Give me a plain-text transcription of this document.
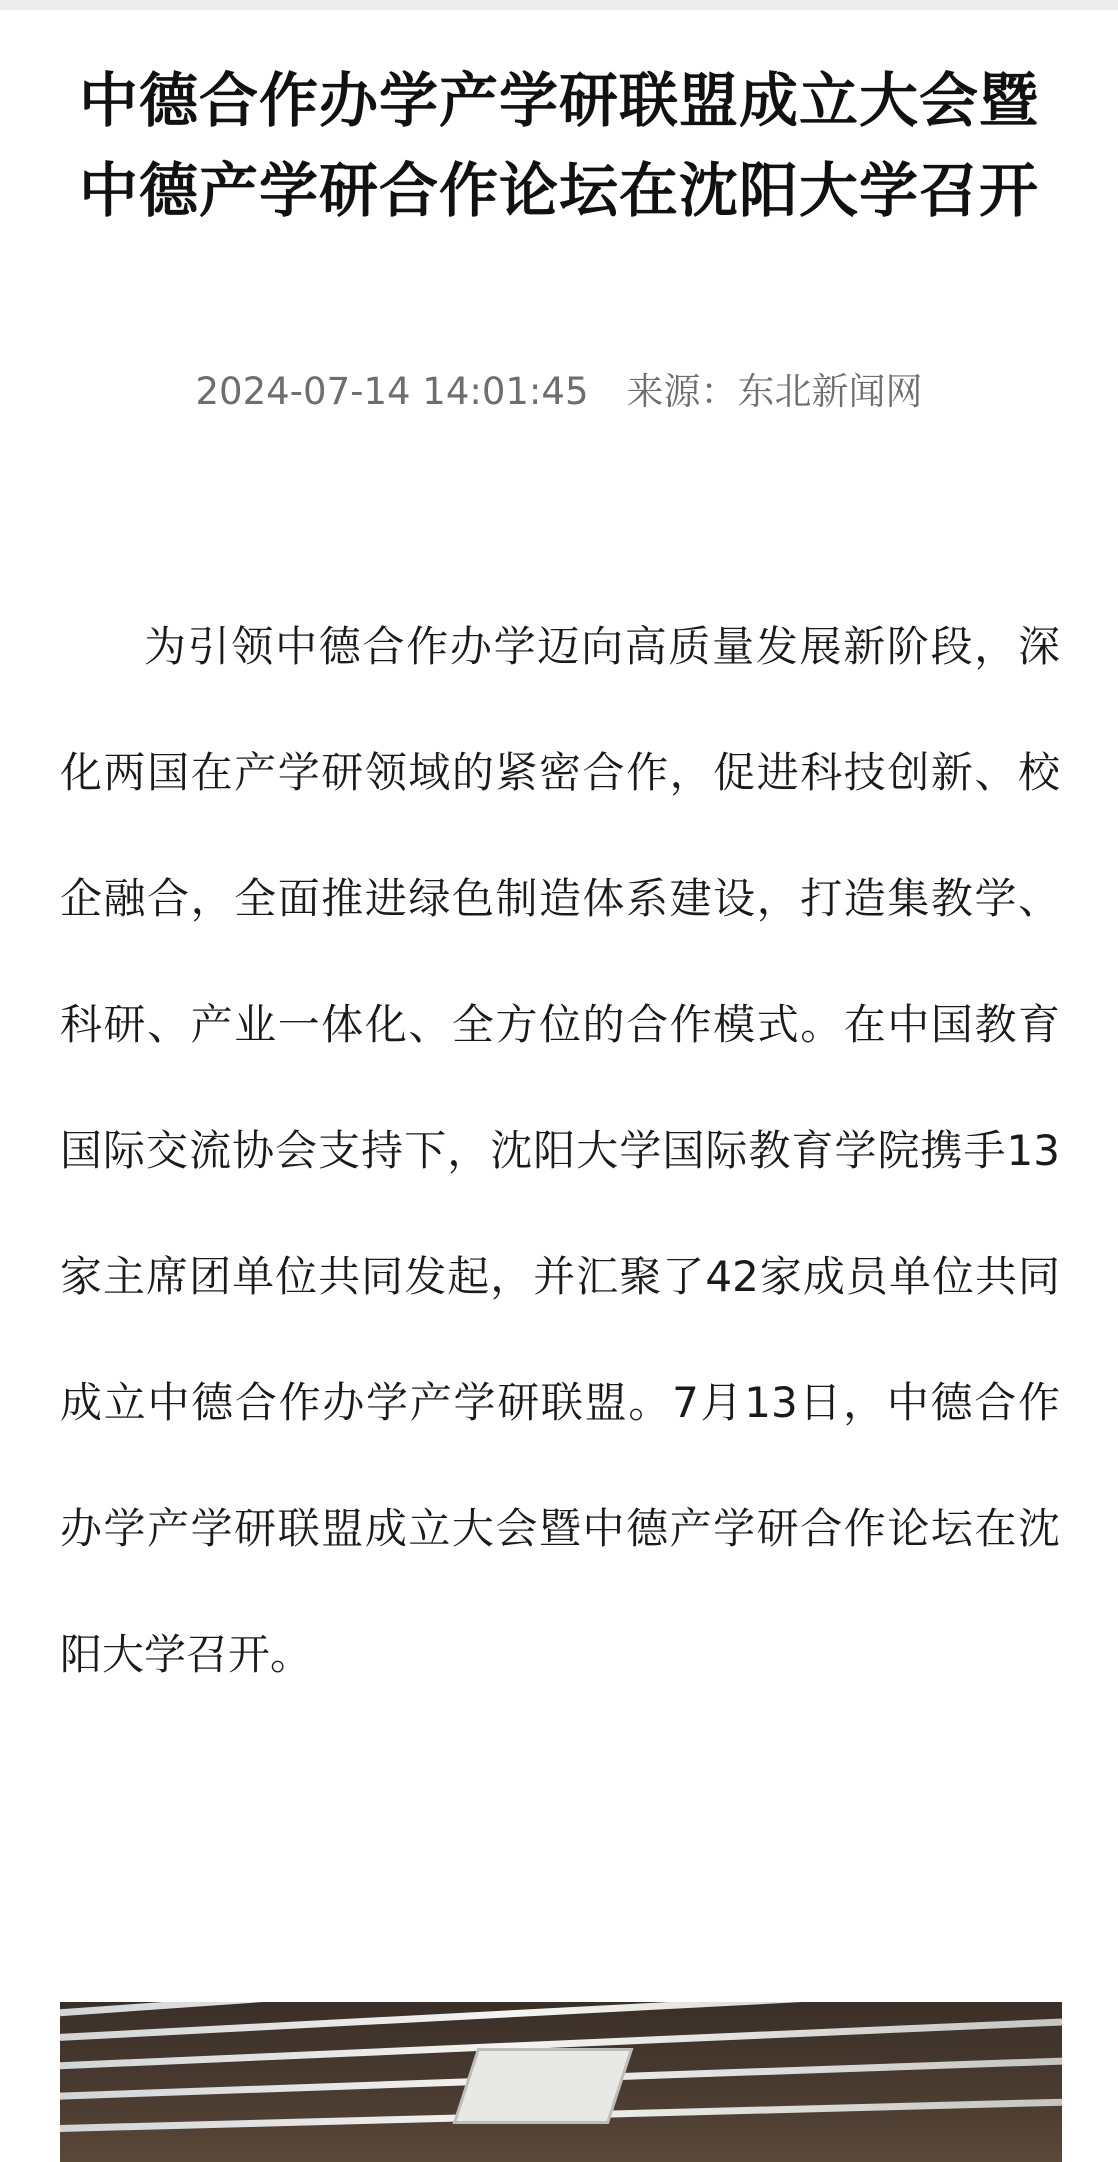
中德合作办学产学研联盟成立大会暨中德产学研合作论坛在沈阳大学召开
2024-07-14 14:01:45 来源：东北新闻网

为引领中德合作办学迈向高质量发展新阶段，深化两国在产学研领域的紧密合作，促进科技创新、校企融合，全面推进绿色制造体系建设，打造集教学、科研、产业一体化、全方位的合作模式。在中国教育国际交流协会支持下，沈阳大学国际教育学院携手13家主席团单位共同发起，并汇聚了42家成员单位共同成立中德合作办学产学研联盟。7月13日，中德合作办学产学研联盟成立大会暨中德产学研合作论坛在沈阳大学召开。
